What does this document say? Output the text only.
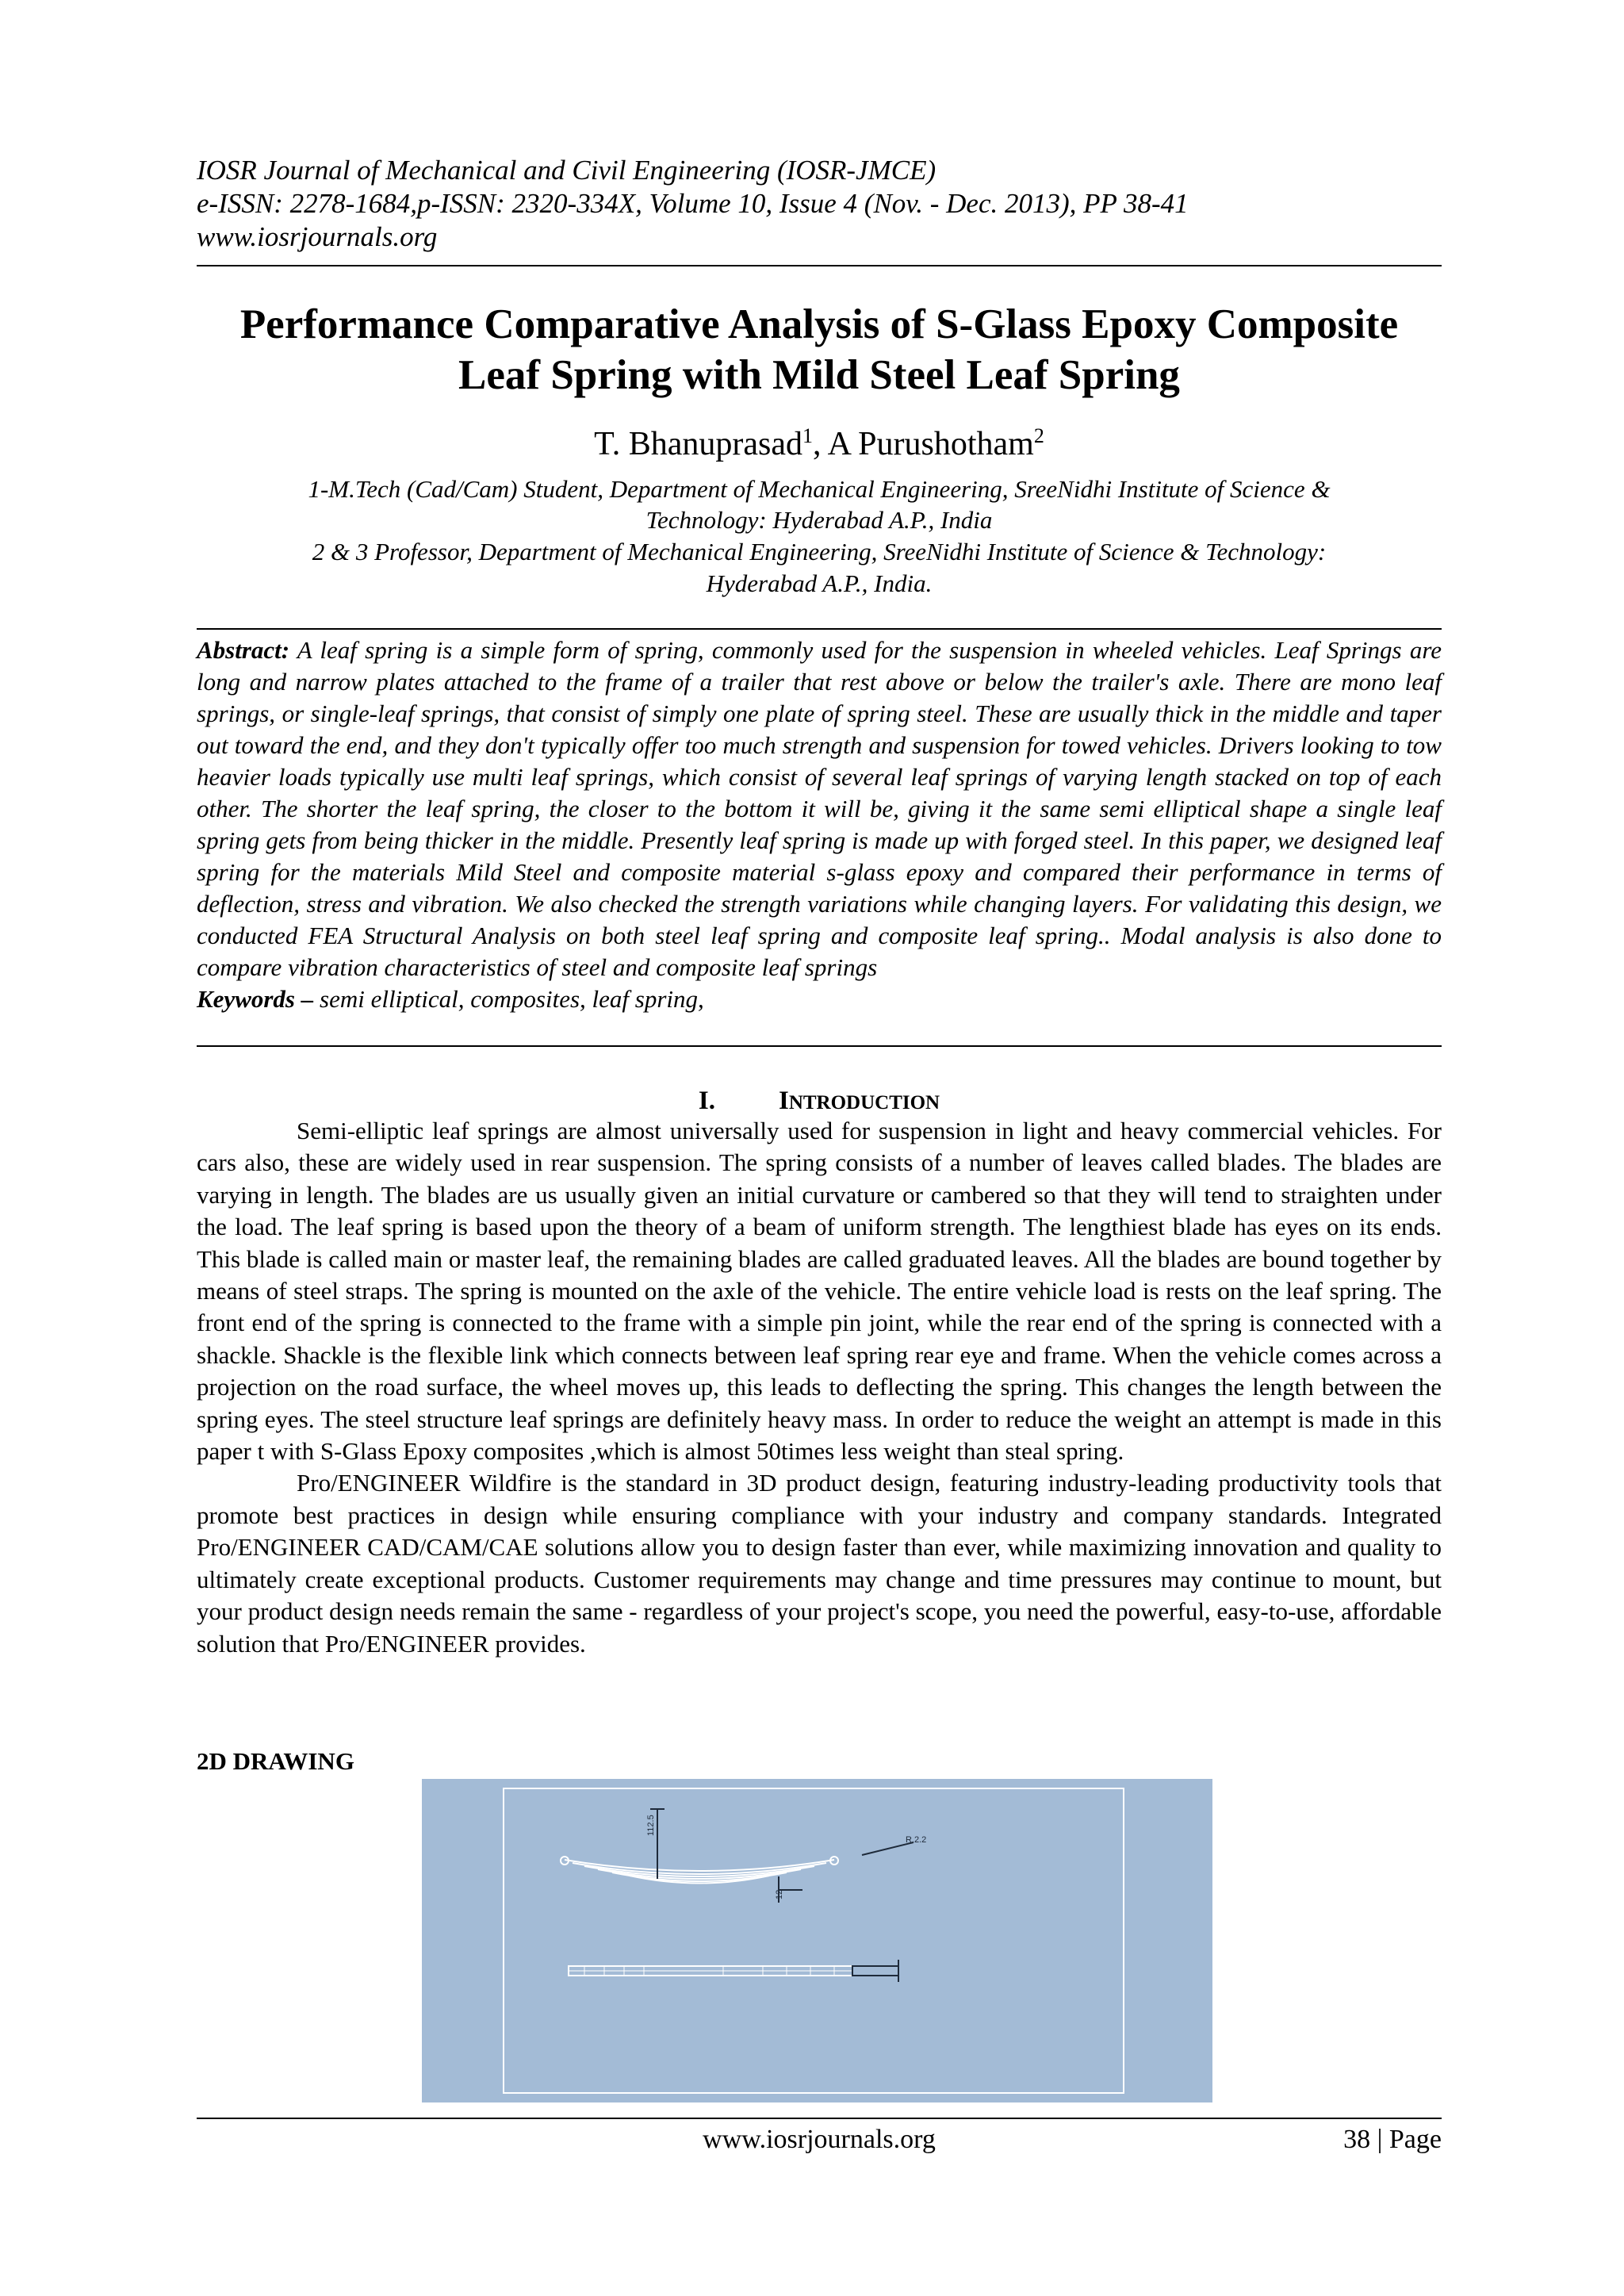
IOSR Journal of Mechanical and Civil Engineering (IOSR-JMCE)
e-ISSN: 2278-1684,p-ISSN: 2320-334X, Volume 10, Issue 4 (Nov. - Dec. 2013), PP 38-41
www.iosrjournals.org
Performance Comparative Analysis of S-Glass Epoxy Composite
Leaf Spring with Mild Steel Leaf Spring
T. Bhanuprasad$^1$, A Purushotham$^2$
1-M.Tech (Cad/Cam) Student, Department of Mechanical Engineering, SreeNidhi Institute of Science &
Technology: Hyderabad A.P., India
2 & 3 Professor, Department of Mechanical Engineering, SreeNidhi Institute of Science & Technology:
Hyderabad A.P., India.
Abstract: A leaf spring is a simple form of spring, commonly used for the suspension in wheeled vehicles. Leaf Springs are long and narrow plates attached to the frame of a trailer that rest above or below the trailer's axle. There are mono leaf springs, or single-leaf springs, that consist of simply one plate of spring steel. These are usually thick in the middle and taper out toward the end, and they don't typically offer too much strength and suspension for towed vehicles. Drivers looking to tow heavier loads typically use multi leaf springs, which consist of several leaf springs of varying length stacked on top of each other. The shorter the leaf spring, the closer to the bottom it will be, giving it the same semi elliptical shape a single leaf spring gets from being thicker in the middle. Presently leaf spring is made up with forged steel. In this paper, we designed leaf spring for the materials Mild Steel and composite material s-glass epoxy and compared their performance in terms of deflection, stress and vibration. We also checked the strength variations while changing layers. For validating this design, we conducted FEA Structural Analysis on both steel leaf spring and composite leaf spring.. Modal analysis is also done to compare vibration characteristics of steel and composite leaf springs
Keywords – semi elliptical, composites, leaf spring,
I. INTRODUCTION

Semi-elliptic leaf springs are almost universally used for suspension in light and heavy commercial vehicles. For cars also, these are widely used in rear suspension. The spring consists of a number of leaves called blades. The blades are varying in length. The blades are us usually given an initial curvature or cambered so that they will tend to straighten under the load. The leaf spring is based upon the theory of a beam of uniform strength. The lengthiest blade has eyes on its ends. This blade is called main or master leaf, the remaining blades are called graduated leaves. All the blades are bound together by means of steel straps. The spring is mounted on the axle of the vehicle. The entire vehicle load is rests on the leaf spring. The front end of the spring is connected to the frame with a simple pin joint, while the rear end of the spring is connected with a shackle. Shackle is the flexible link which connects between leaf spring rear eye and frame. When the vehicle comes across a projection on the road surface, the wheel moves up, this leads to deflecting the spring. This changes the length between the spring eyes. The steel structure leaf springs are definitely heavy mass. In order to reduce the weight an attempt is made in this paper t with S-Glass Epoxy composites ,which is almost 50times less weight than steal spring.

Pro/ENGINEER Wildfire is the standard in 3D product design, featuring industry-leading productivity tools that promote best practices in design while ensuring compliance with your industry and company standards. Integrated Pro/ENGINEER CAD/CAM/CAE solutions allow you to design faster than ever, while maximizing innovation and quality to ultimately create exceptional products. Customer requirements may change and time pressures may continue to mount, but your product design needs remain the same - regardless of your project's scope, you need the powerful, easy-to-use, affordable solution that Pro/ENGINEER provides.

2D DRAWING
112.5
12
R.2.2
www.iosrjournals.org	38 | Page
